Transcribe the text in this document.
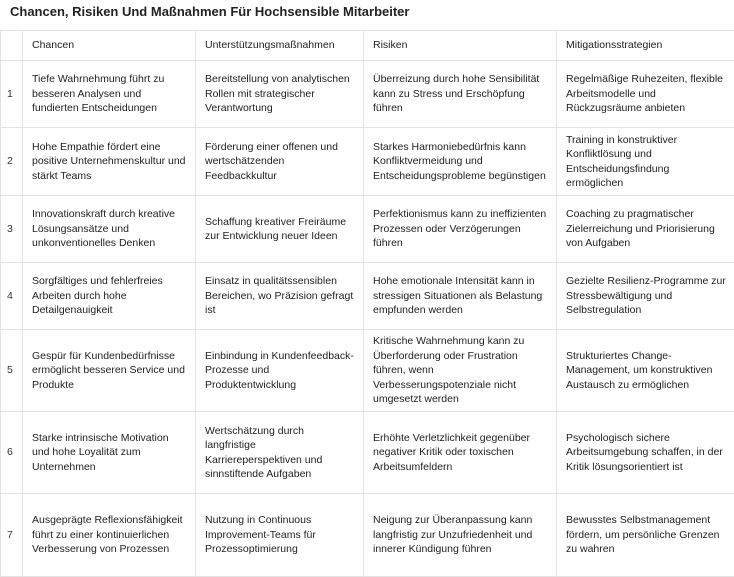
Chancen, Risiken Und Maßnahmen Für Hochsensible Mitarbeiter
	Chancen	Unterstützungsmaßnahmen	Risiken	Mitigationsstrategien
1	Tiefe Wahrnehmung führt zu besseren Analysen und fundierten Entscheidungen	Bereitstellung von analytischen Rollen mit strategischer Verantwortung	Überreizung durch hohe Sensibilität kann zu Stress und Erschöpfung führen	Regelmäßige Ruhezeiten, flexible Arbeitsmodelle und Rückzugsräume anbieten
2	Hohe Empathie fördert eine positive Unternehmenskultur und stärkt Teams	Förderung einer offenen und wertschätzenden Feedbackkultur	Starkes Harmoniebedürfnis kann Konfliktvermeidung und Entscheidungsprobleme begünstigen	Training in konstruktiver Konfliktlösung und Entscheidungsfindung ermöglichen
3	Innovationskraft durch kreative Lösungsansätze und unkonventionelles Denken	Schaffung kreativer Freiräume zur Entwicklung neuer Ideen	Perfektionismus kann zu ineffizienten Prozessen oder Verzögerungen führen	Coaching zu pragmatischer Zielerreichung und Priorisierung von Aufgaben
4	Sorgfältiges und fehlerfreies Arbeiten durch hohe Detailgenauigkeit	Einsatz in qualitätssensiblen Bereichen, wo Präzision gefragt ist	Hohe emotionale Intensität kann in stressigen Situationen als Belastung empfunden werden	Gezielte Resilienz-Programme zur Stressbewältigung und Selbstregulation
5	Gespür für Kundenbedürfnisse ermöglicht besseren Service und Produkte	Einbindung in Kundenfeedback-Prozesse und Produktentwicklung	Kritische Wahrnehmung kann zu Überforderung oder Frustration führen, wenn Verbesserungspotenziale nicht umgesetzt werden	Strukturiertes Change-Management, um konstruktiven Austausch zu ermöglichen
6	Starke intrinsische Motivation und hohe Loyalität zum Unternehmen	Wertschätzung durch langfristige Karriereperspektiven und sinnstiftende Aufgaben	Erhöhte Verletzlichkeit gegenüber negativer Kritik oder toxischen Arbeitsumfeldern	Psychologisch sichere Arbeitsumgebung schaffen, in der Kritik lösungsorientiert ist
7	Ausgeprägte Reflexionsfähigkeit führt zu einer kontinuierlichen Verbesserung von Prozessen	Nutzung in Continuous Improvement-Teams für Prozessoptimierung	Neigung zur Überanpassung kann langfristig zur Unzufriedenheit und innerer Kündigung führen	Bewusstes Selbstmanagement fördern, um persönliche Grenzen zu wahren
